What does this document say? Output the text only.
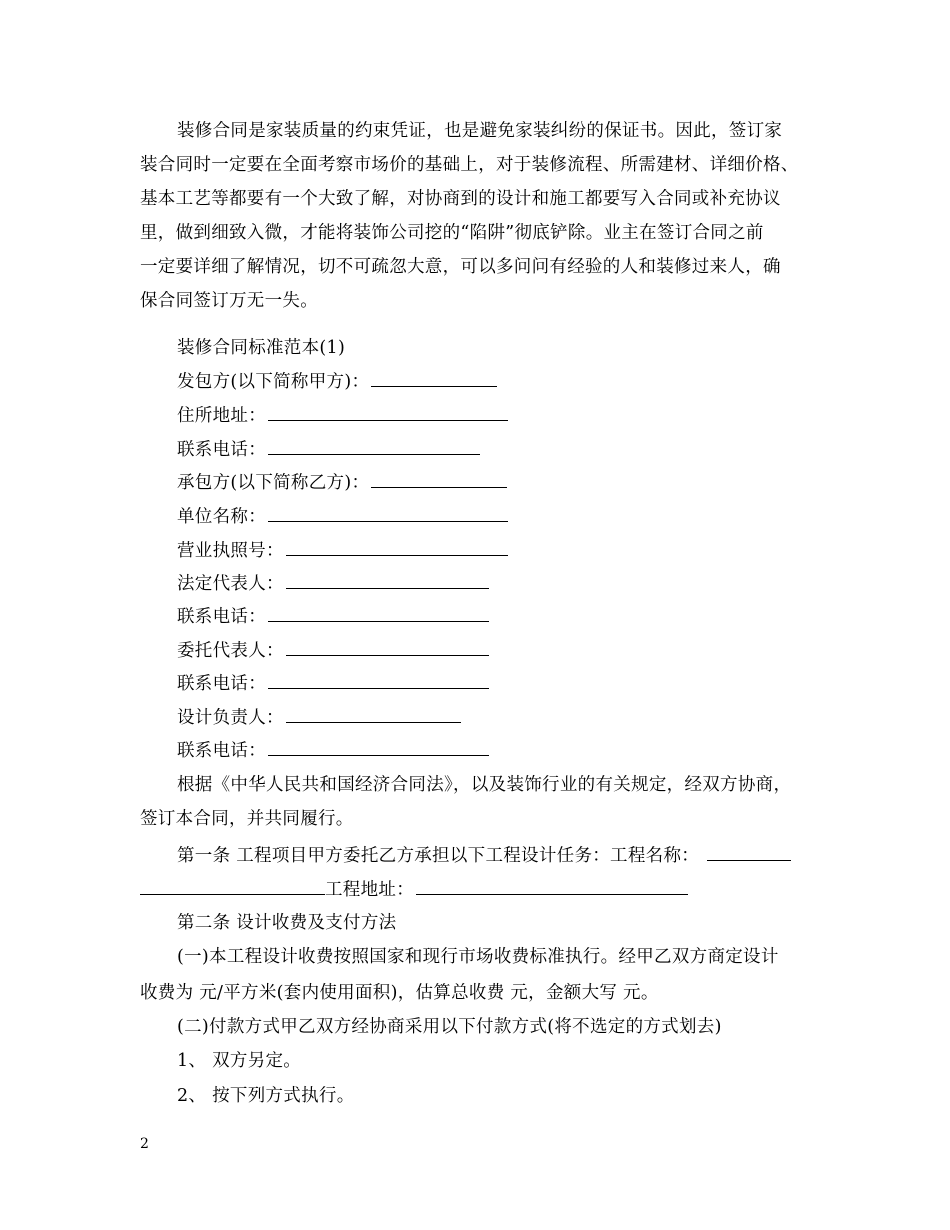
装修合同是家装质量的约束凭证，也是避免家装纠纷的保证书。因此，签订家
装合同时一定要在全面考察市场价的基础上，对于装修流程、所需建材、详细价格、
基本工艺等都要有一个大致了解，对协商到的设计和施工都要写入合同或补充协议
里，做到细致入微，才能将装饰公司挖的“陷阱”彻底铲除。业主在签订合同之前
一定要详细了解情况，切不可疏忽大意，可以多问问有经验的人和装修过来人，确
保合同签订万无一失。
装修合同标准范本(1)
发包方(以下简称甲方)：
住所地址：
联系电话：
承包方(以下简称乙方)：
单位名称：
营业执照号：
法定代表人：
联系电话：
委托代表人：
联系电话：
设计负责人：
联系电话：
根据《中华人民共和国经济合同法》，以及装饰行业的有关规定，经双方协商，
签订本合同，并共同履行。
第一条 工程项目甲方委托乙方承担以下工程设计任务：工程名称：
工程地址：
第二条 设计收费及支付方法
(一)本工程设计收费按照国家和现行市场收费标准执行。经甲乙双方商定设计
收费为 元/平方米(套内使用面积)，估算总收费 元，金额大写 元。
(二)付款方式甲乙双方经协商采用以下付款方式(将不选定的方式划去)
1、 双方另定。
2、 按下列方式执行。
2
